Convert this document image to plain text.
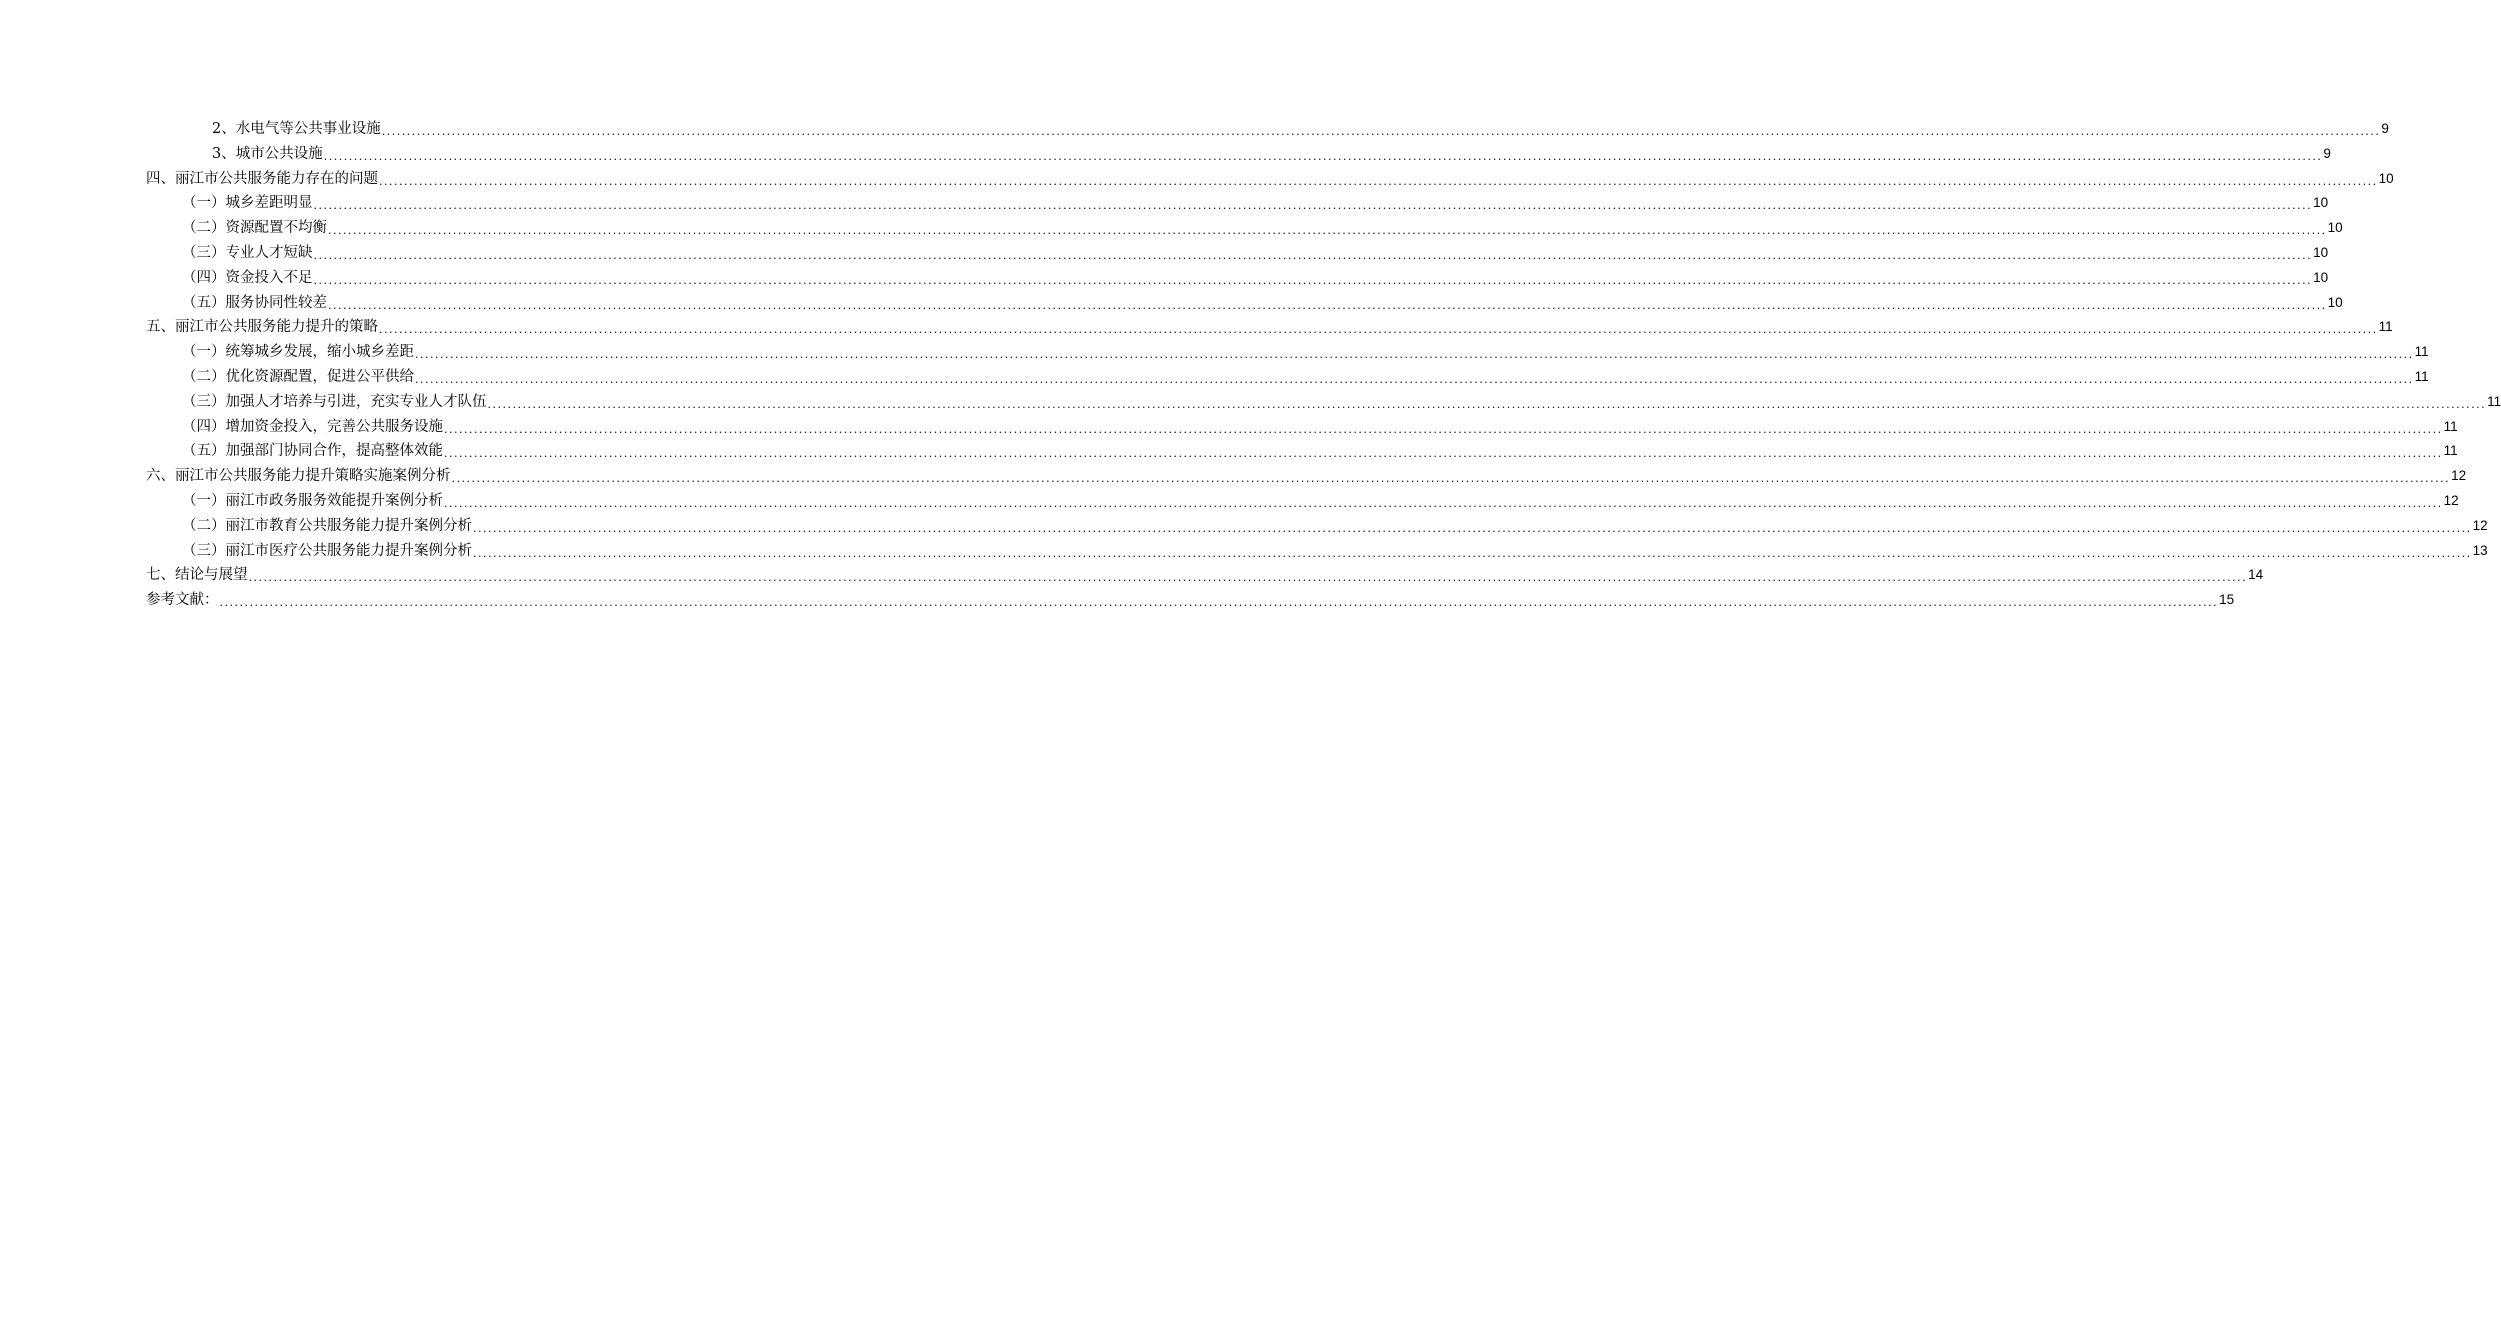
2、水电气等公共事业设施 ................................................................................................................................................................................................................................................................................................................................................................................................................ 9
3、城市公共设施 ................................................................................................................................................................................................................................................................................................................................................................................................................ 9
四、丽江市公共服务能力存在的问题 ................................................................................................................................................................................................................................................................................................................................................................................................................ 10
（一）城乡差距明显 ................................................................................................................................................................................................................................................................................................................................................................................................................ 10
（二）资源配置不均衡 ................................................................................................................................................................................................................................................................................................................................................................................................................ 10
（三）专业人才短缺 ................................................................................................................................................................................................................................................................................................................................................................................................................ 10
（四）资金投入不足 ................................................................................................................................................................................................................................................................................................................................................................................................................ 10
（五）服务协同性较差 ................................................................................................................................................................................................................................................................................................................................................................................................................ 10
五、丽江市公共服务能力提升的策略 ................................................................................................................................................................................................................................................................................................................................................................................................................ 11
（一）统筹城乡发展，缩小城乡差距 ................................................................................................................................................................................................................................................................................................................................................................................................................ 11
（二）优化资源配置，促进公平供给 ................................................................................................................................................................................................................................................................................................................................................................................................................ 11
（三）加强人才培养与引进，充实专业人才队伍 ................................................................................................................................................................................................................................................................................................................................................................................................................ 11
（四）增加资金投入，完善公共服务设施 ................................................................................................................................................................................................................................................................................................................................................................................................................ 11
（五）加强部门协同合作，提高整体效能 ................................................................................................................................................................................................................................................................................................................................................................................................................ 11
六、丽江市公共服务能力提升策略实施案例分析 ................................................................................................................................................................................................................................................................................................................................................................................................................ 12
（一） 丽江市政务服务效能提升案例分析 ................................................................................................................................................................................................................................................................................................................................................................................................................ 12
（二） 丽江市教育公共服务能力提升案例分析 ................................................................................................................................................................................................................................................................................................................................................................................................................ 12
（三） 丽江市医疗公共服务能力提升案例分析 ................................................................................................................................................................................................................................................................................................................................................................................................................ 13
七、结论与展望 ................................................................................................................................................................................................................................................................................................................................................................................................................ 14
参考文献： ................................................................................................................................................................................................................................................................................................................................................................................................................ 15
